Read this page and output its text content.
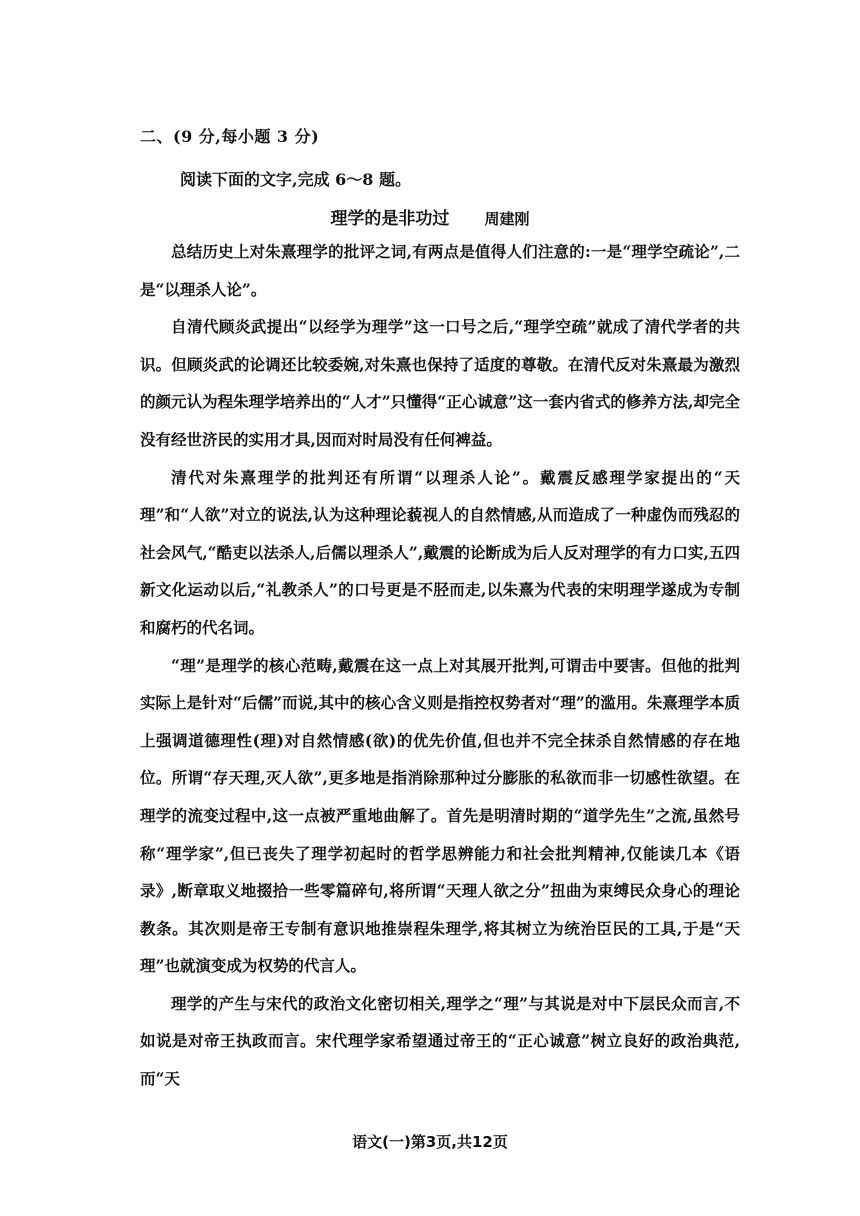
二、(9 分,每小题 3 分)
阅读下面的文字,完成 6～8 题。
理学的是非功过 周建刚

总结历史上对朱熹理学的批评之词,有两点是值得人们注意的:一是“理学空疏论”,二是“以理杀人论”。

自清代顾炎武提出“以经学为理学”这一口号之后,“理学空疏”就成了清代学者的共识。但顾炎武的论调还比较委婉,对朱熹也保持了适度的尊敬。在清代反对朱熹最为激烈的颜元认为程朱理学培养出的“人才”只懂得“正心诚意”这一套内省式的修养方法,却完全没有经世济民的实用才具,因而对时局没有任何裨益。

清代对朱熹理学的批判还有所谓“以理杀人论”。戴震反感理学家提出的“天理”和“人欲”对立的说法,认为这种理论藐视人的自然情感,从而造成了一种虚伪而残忍的社会风气,“酷吏以法杀人,后儒以理杀人”,戴震的论断成为后人反对理学的有力口实,五四新文化运动以后,“礼教杀人”的口号更是不胫而走,以朱熹为代表的宋明理学遂成为专制和腐朽的代名词。

“理”是理学的核心范畴,戴震在这一点上对其展开批判,可谓击中要害。但他的批判实际上是针对“后儒”而说,其中的核心含义则是指控权势者对“理”的滥用。朱熹理学本质上强调道德理性(理)对自然情感(欲)的优先价值,但也并不完全抹杀自然情感的存在地位。所谓“存天理,灭人欲”,更多地是指消除那种过分膨胀的私欲而非一切感性欲望。在理学的流变过程中,这一点被严重地曲解了。首先是明清时期的“道学先生”之流,虽然号称“理学家”,但已丧失了理学初起时的哲学思辨能力和社会批判精神,仅能读几本《语录》,断章取义地掇拾一些零篇碎句,将所谓“天理人欲之分”扭曲为束缚民众身心的理论教条。其次则是帝王专制有意识地推崇程朱理学,将其树立为统治臣民的工具,于是“天理”也就演变成为权势的代言人。

理学的产生与宋代的政治文化密切相关,理学之“理”与其说是对中下层民众而言,不如说是对帝王执政而言。宋代理学家希望通过帝王的“正心诚意”树立良好的政治典范,而“天

语文(一)第3页,共12页
